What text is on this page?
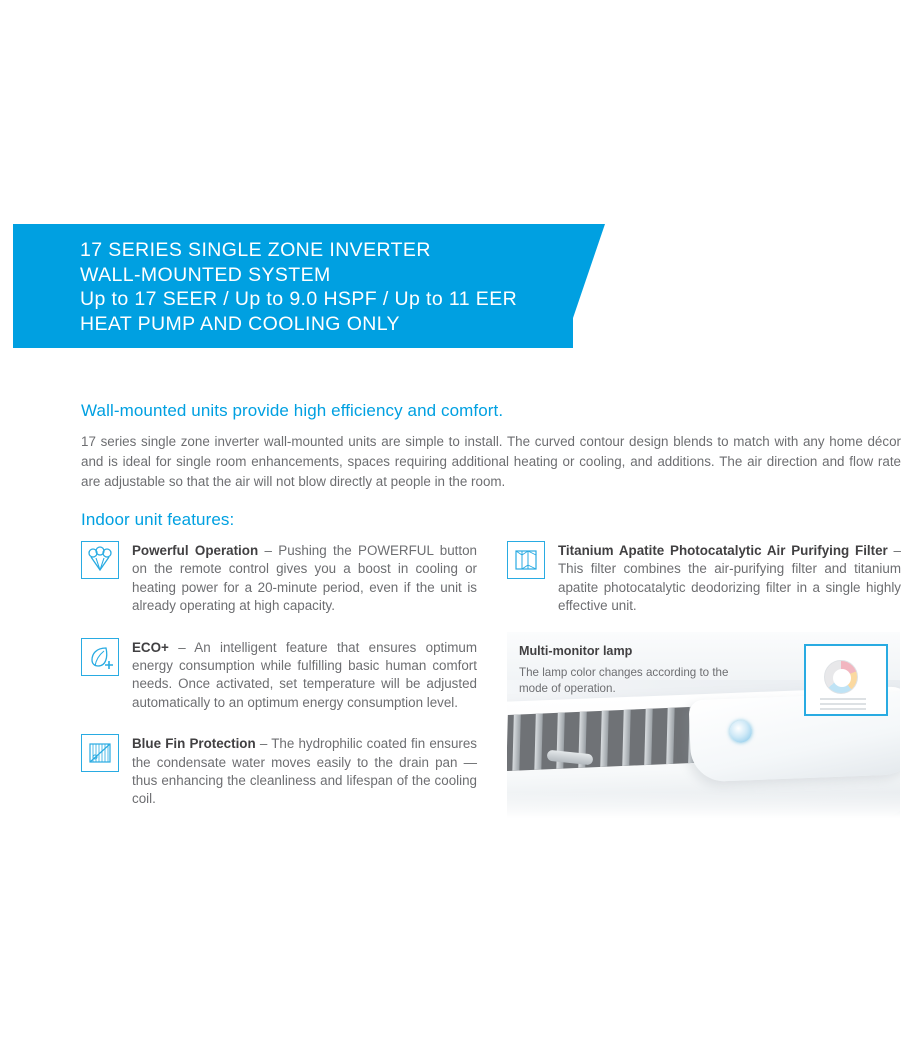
17 SERIES SINGLE ZONE INVERTER
WALL-MOUNTED SYSTEM
Up to 17 SEER / Up to 9.0 HSPF / Up to 11 EER
HEAT PUMP AND COOLING ONLY
Wall-mounted units provide high efficiency and comfort.
17 series single zone inverter wall-mounted units are simple to install. The curved contour design blends to match with any home décor and is ideal for single room enhancements, spaces requiring additional heating or cooling, and additions. The air direction and flow rate are adjustable so that the air will not blow directly at people in the room.
Indoor unit features:
Powerful Operation – Pushing the POWERFUL button on the remote control gives you a boost in cooling or heating power for a 20-minute period, even if the unit is already operating at high capacity.
ECO+ – An intelligent feature that ensures optimum energy consumption while fulfilling basic human comfort needs. Once activated, set temperature will be adjusted automatically to an optimum energy consumption level.
Blue Fin Protection – The hydrophilic coated fin ensures the condensate water moves easily to the drain pan — thus enhancing the cleanliness and lifespan of the cooling coil.
Titanium Apatite Photocatalytic Air Purifying Filter – This filter combines the air-purifying filter and titanium apatite photocatalytic deodorizing filter in a single highly effective unit.
Multi-monitor lamp
The lamp color changes according to the mode of operation.
